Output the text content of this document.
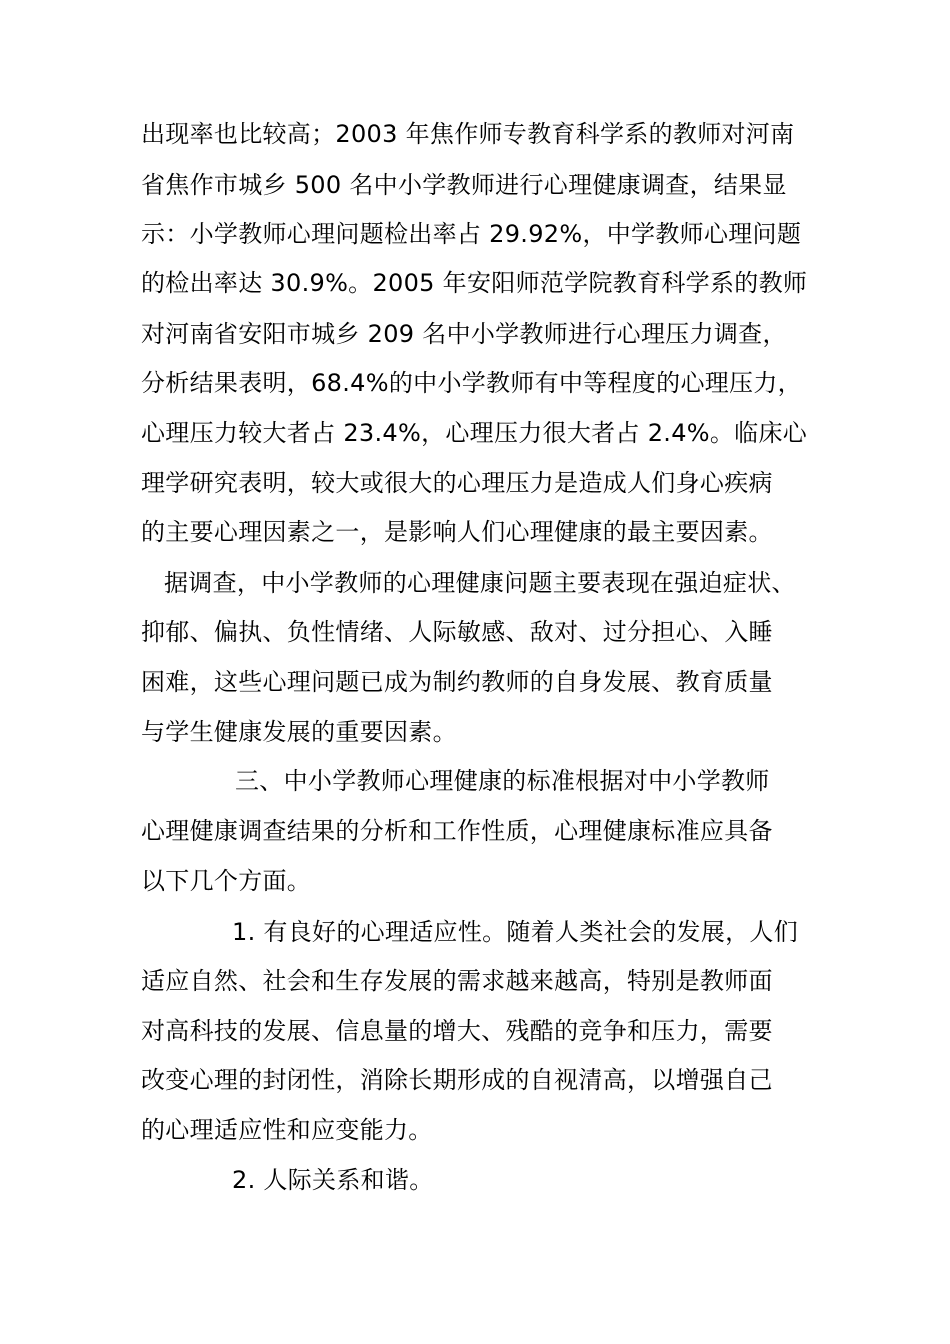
出现率也比较高；2003 年焦作师专教育科学系的教师对河南
省焦作市城乡 500 名中小学教师进行心理健康调查，结果显
示：小学教师心理问题检出率占 29.92%，中学教师心理问题
的检出率达 30.9%。2005 年安阳师范学院教育科学系的教师
对河南省安阳市城乡 209 名中小学教师进行心理压力调查，
分析结果表明，68.4%的中小学教师有中等程度的心理压力，
心理压力较大者占 23.4%，心理压力很大者占 2.4%。临床心
理学研究表明，较大或很大的心理压力是造成人们身心疾病
的主要心理因素之一，是影响人们心理健康的最主要因素。
据调查，中小学教师的心理健康问题主要表现在强迫症状、
抑郁、偏执、负性情绪、人际敏感、敌对、过分担心、入睡
困难，这些心理问题已成为制约教师的自身发展、教育质量
与学生健康发展的重要因素。
三、中小学教师心理健康的标准根据对中小学教师
心理健康调查结果的分析和工作性质，心理健康标准应具备
以下几个方面。
1. 有良好的心理适应性。随着人类社会的发展，人们
适应自然、社会和生存发展的需求越来越高，特别是教师面
对高科技的发展、信息量的增大、残酷的竞争和压力，需要
改变心理的封闭性，消除长期形成的自视清高，以增强自己
的心理适应性和应变能力。
2. 人际关系和谐。
